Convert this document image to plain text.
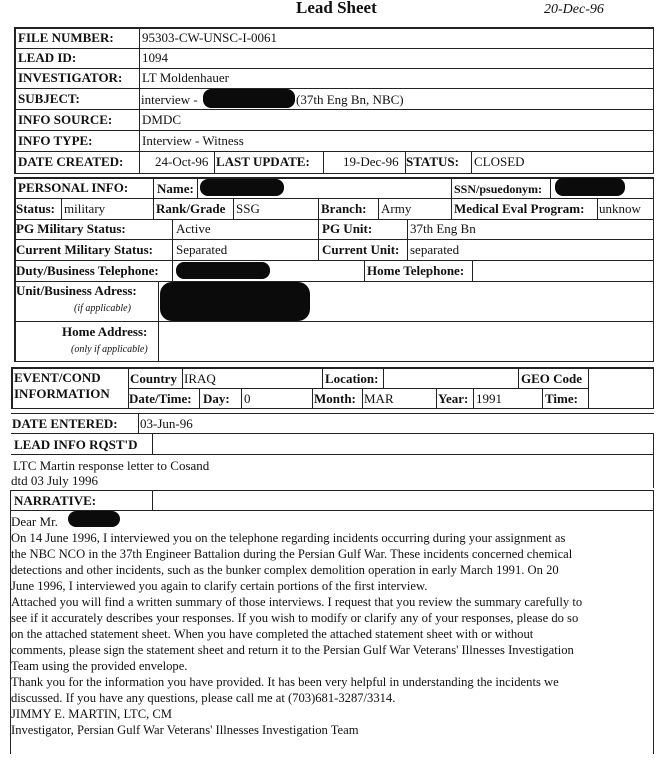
Lead Sheet	20-Dec-96
FILE NUMBER: 95303-CW-UNSC-I-0061
LEAD ID:	1094
INVESTIGATOR: LT Moldenhauer
SUBJECT:	interview -	(37th Eng Bn, NBC)
INFO SOURCE: DMDC
INFO TYPE:	Interview - Witness
DATE CREATED: 24-Oct-96 LAST UPDATE:	19-Dec-96 STATUS: CLOSED
PERSONAL INFO: Name:	SSN/psuedonym:
Status: military	Rank/Grade SSG	Branch: Army	Medical Eval Program: unknow
PG Military Status:	Active	PG Unit:	37th Eng Bn
Current Military Status: Separated	Current Unit: separated
Duty/Business Telephone:	Home Telephone:
Unit/Business Adress:
(if applicable)
Home Address:
(only if applicable)
EVENT/COND
INFORMATION
Country IRAQ	Location:	GEO Code
Date/Time: Day: 0	Month: MAR	Year: 1991	Time:
DATE ENTERED: 03-Jun-96
LEAD INFO RQST'D
LTC Martin response letter to Cosand
dtd 03 July 1996
NARRATIVE:
Dear Mr.
On 14 June 1996, I interviewed you on the telephone regarding incidents occurring during your assignment as
the NBC NCO in the 37th Engineer Battalion during the Persian Gulf War. These incidents concerned chemical
detections and other incidents, such as the bunker complex demolition operation in early March 1991. On 20
June 1996, I interviewed you again to clarify certain portions of the first interview.
Attached you will find a written summary of those interviews. I request that you review the summary carefully to
see if it accurately describes your responses. If you wish to modify or clarify any of your responses, please do so
on the attached statement sheet. When you have completed the attached statement sheet with or without
comments, please sign the statement sheet and return it to the Persian Gulf War Veterans' Illnesses Investigation
Team using the provided envelope.
Thank you for the information you have provided. It has been very helpful in understanding the incidents we
discussed. If you have any questions, please call me at (703)681-3287/3314.
JIMMY E. MARTIN, LTC, CM
Investigator, Persian Gulf War Veterans' Illnesses Investigation Team
